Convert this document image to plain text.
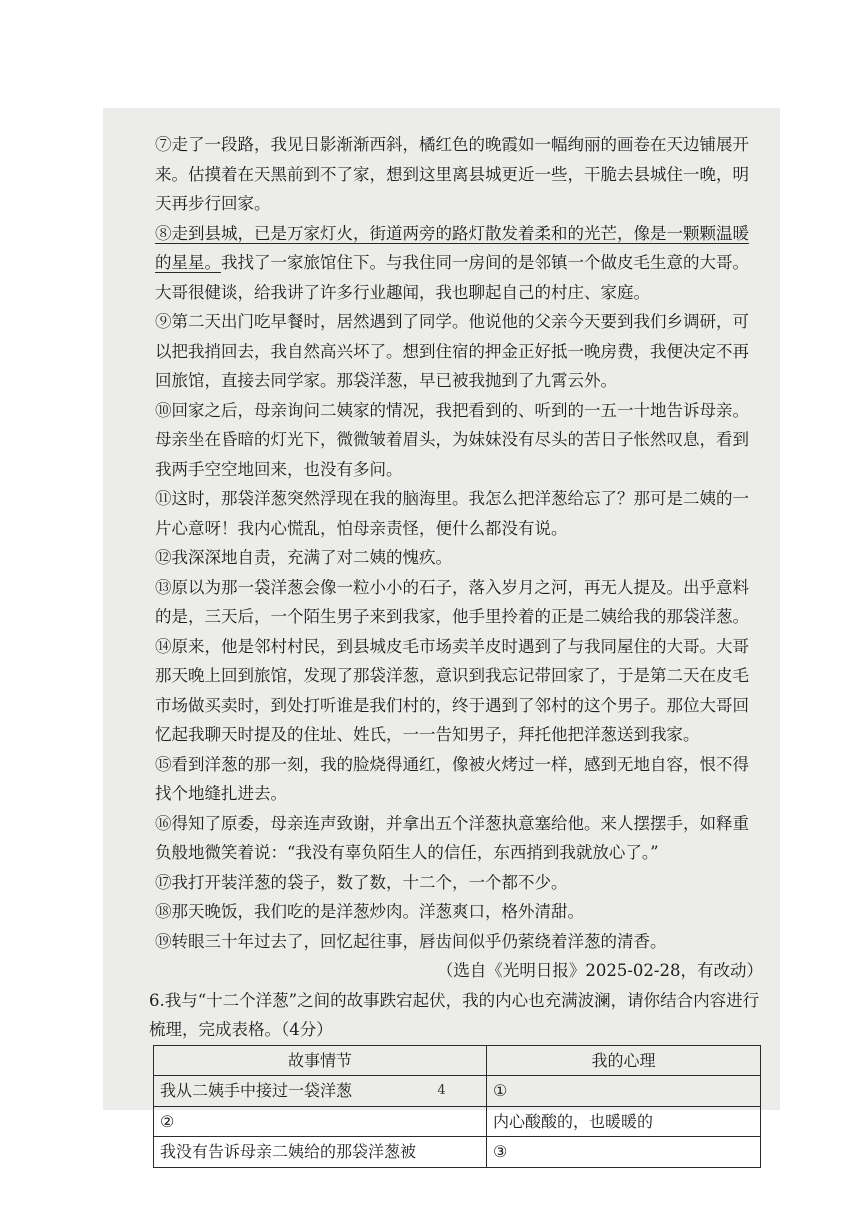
⑦走了一段路，我见日影渐渐西斜，橘红色的晚霞如一幅绚丽的画卷在天边铺展开来。估摸着在天黑前到不了家，想到这里离县城更近一些，干脆去县城住一晚，明天再步行回家。

⑧走到县城，已是万家灯火，街道两旁的路灯散发着柔和的光芒，像是一颗颗温暖的星星。我找了一家旅馆住下。与我住同一房间的是邻镇一个做皮毛生意的大哥。大哥很健谈，给我讲了许多行业趣闻，我也聊起自己的村庄、家庭。

⑨第二天出门吃早餐时，居然遇到了同学。他说他的父亲今天要到我们乡调研，可以把我捎回去，我自然高兴坏了。想到住宿的押金正好抵一晚房费，我便决定不再回旅馆，直接去同学家。那袋洋葱，早已被我抛到了九霄云外。

⑩回家之后，母亲询问二姨家的情况，我把看到的、听到的一五一十地告诉母亲。母亲坐在昏暗的灯光下，微微皱着眉头，为妹妹没有尽头的苦日子怅然叹息，看到我两手空空地回来，也没有多问。

⑪这时，那袋洋葱突然浮现在我的脑海里。我怎么把洋葱给忘了？那可是二姨的一片心意呀！我内心慌乱，怕母亲责怪，便什么都没有说。

⑫我深深地自责，充满了对二姨的愧疚。

⑬原以为那一袋洋葱会像一粒小小的石子，落入岁月之河，再无人提及。出乎意料的是，三天后，一个陌生男子来到我家，他手里拎着的正是二姨给我的那袋洋葱。

⑭原来，他是邻村村民，到县城皮毛市场卖羊皮时遇到了与我同屋住的大哥。大哥那天晚上回到旅馆，发现了那袋洋葱，意识到我忘记带回家了，于是第二天在皮毛市场做买卖时，到处打听谁是我们村的，终于遇到了邻村的这个男子。那位大哥回忆起我聊天时提及的住址、姓氏，一一告知男子，拜托他把洋葱送到我家。

⑮看到洋葱的那一刻，我的脸烧得通红，像被火烤过一样，感到无地自容，恨不得找个地缝扎进去。

⑯得知了原委，母亲连声致谢，并拿出五个洋葱执意塞给他。来人摆摆手，如释重负般地微笑着说：“我没有辜负陌生人的信任，东西捎到我就放心了。”

⑰我打开装洋葱的袋子，数了数，十二个，一个都不少。

⑱那天晚饭，我们吃的是洋葱炒肉。洋葱爽口，格外清甜。

⑲转眼三十年过去了，回忆起往事，唇齿间似乎仍萦绕着洋葱的清香。

（选自《光明日报》2025-02-28，有改动）

6.我与“十二个洋葱”之间的故事跌宕起伏，我的内心也充满波澜，请你结合内容进行梳理，完成表格。（4分）

故事情节	我的心理
我从二姨手中接过一袋洋葱	①
②	内心酸酸的，也暖暖的
我没有告诉母亲二姨给的那袋洋葱被	③
4
